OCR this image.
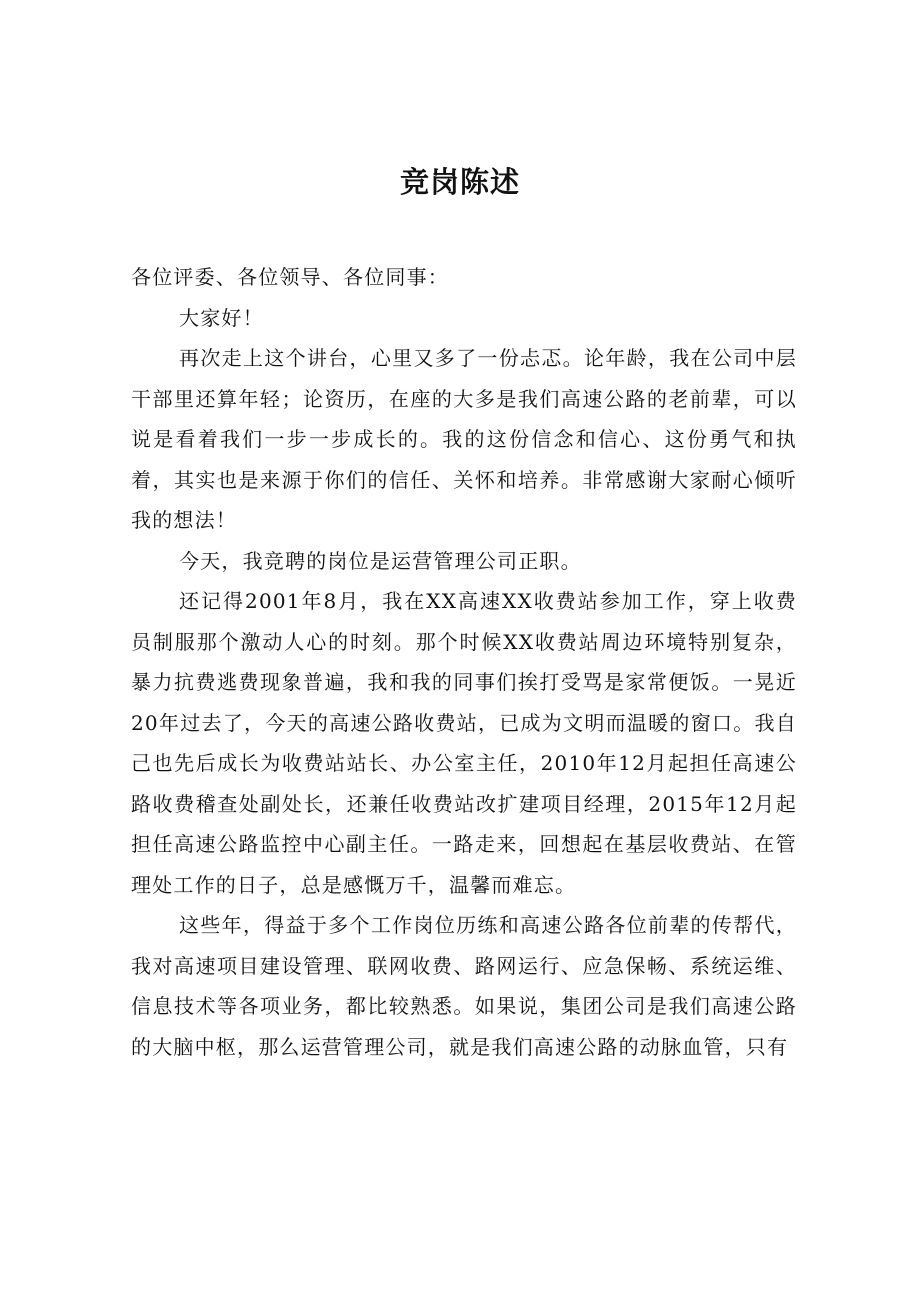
竞岗陈述

各位评委、各位领导、各位同事：

大家好！

再次走上这个讲台，心里又多了一份忐忑。论年龄，我在公司中层干部里还算年轻；论资历，在座的大多是我们高速公路的老前辈，可以说是看着我们一步一步成长的。我的这份信念和信心、这份勇气和执着，其实也是来源于你们的信任、关怀和培养。非常感谢大家耐心倾听我的想法！

今天，我竞聘的岗位是运营管理公司正职。

还记得2001年8月，我在XX高速XX收费站参加工作，穿上收费员制服那个激动人心的时刻。那个时候XX收费站周边环境特别复杂，暴力抗费逃费现象普遍，我和我的同事们挨打受骂是家常便饭。一晃近20年过去了，今天的高速公路收费站，已成为文明而温暖的窗口。我自己也先后成长为收费站站长、办公室主任，2010年12月起担任高速公路收费稽查处副处长，还兼任收费站改扩建项目经理，2015年12月起担任高速公路监控中心副主任。一路走来，回想起在基层收费站、在管理处工作的日子，总是感慨万千，温馨而难忘。

这些年，得益于多个工作岗位历练和高速公路各位前辈的传帮代，我对高速项目建设管理、联网收费、路网运行、应急保畅、系统运维、信息技术等各项业务，都比较熟悉。如果说，集团公司是我们高速公路的大脑中枢，那么运营管理公司，就是我们高速公路的动脉血管，只有
